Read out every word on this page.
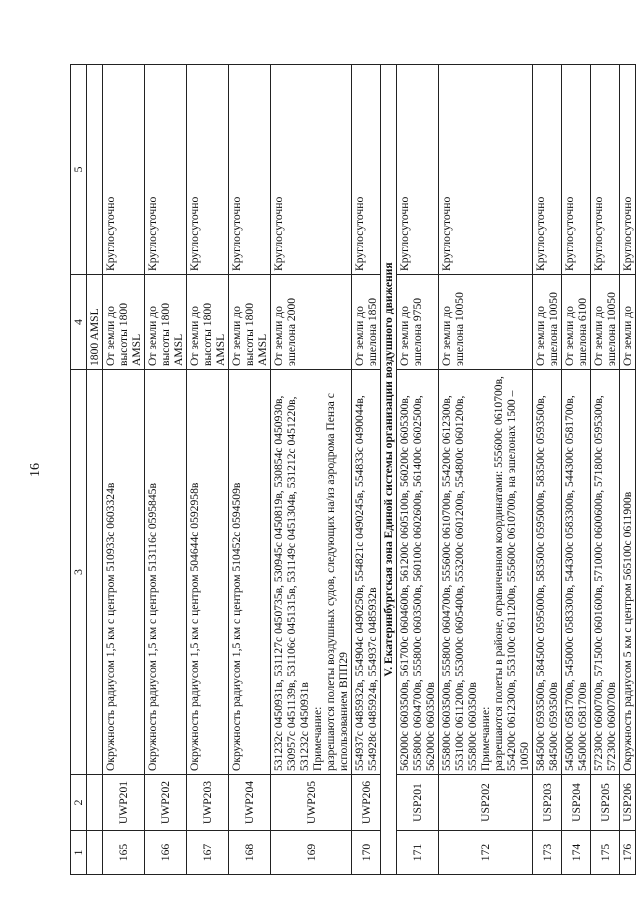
16
1	2	3	4	5
			1800 AMSL	
165	UWP201	Окружность радиусом 1,5 км с центром 510933с 0603324в	От земли до высоты 1800 AMSL	Круглосуточно
166	UWP202	Окружность радиусом 1,5 км с центром 513116с 0595845в	От земли до высоты 1800 AMSL	Круглосуточно
167	UWP203	Окружность радиусом 1,5 км с центром 504644с 0592958в	От земли до высоты 1800 AMSL	Круглосуточно
168	UWP204	Окружность радиусом 1,5 км с центром 510452с 0594509в	От земли до высоты 1800 AMSL	Круглосуточно
169	UWP205	531232с 0450931в, 531127с 0450735в, 530945с 0450819в, 530854с 0450930в, 530957с 0451139в, 531106с 0451315в, 531149с 0451304в, 531212с 0451220в, 531232с 0450931в Примечание: разрешаются полеты воздушных судов, следующих на/из аэродрома Пенза с использованием ВПП29	От земли до эшелона 2000	Круглосуточно
170	UWP206	554937с 0485932в, 554904с 0490250в, 554821с 0490245в, 554833с 0490044в, 554928с 0485924в, 554937с 0485932в	От земли до эшелона 1850	Круглосуточно
V. Екатеринбургская зона Единой системы организации воздушного движения				
171	USP201	562000с 0603500в, 561700с 0604600в, 561200с 0605100в, 560200с 0605300в, 555800с 0604700в, 555800с 0603500в, 560100с 0602600в, 561400с 0602500в, 562000с 0603500в	От земли до эшелона 9750	Круглосуточно
172	USP202	555800с 0603500в, 555800с 0604700в, 555600с 0610700в, 554200с 0612300в, 553100с 0611200в, 553000с 0605400в, 553200с 0601200в, 554800с 0601200в, 555800с 0603500в Примечание: разрешаются полеты в районе, ограниченном координатами: 555600с 0610700в, 554200с 0612300в, 553100с 0611200в, 555600с 0610700в, на эшелонах 1500 – 10050	От земли до эшелона 10050	Круглосуточно
173	USP203	584500с 0593500в, 584500с 0595000в, 583500с 0595000в, 583500с 0593500в, 584500с 0593500в	От земли до эшелона 10050	Круглосуточно
174	USP204	545000с 0581700в, 545000с 0583300в, 544300с 0583300в, 544300с 0581700в, 545000с 0581700в	От земли до эшелона 6100	Круглосуточно
175	USP205	572300с 0600700в, 571500с 0601600в, 571000с 0600600в, 571800с 0595300в, 572300с 0600700в	От земли до эшелона 10050	Круглосуточно
176	USP206	Окружность радиусом 5 км с центром 565100с 0611900в	От земли до	Круглосуточно
